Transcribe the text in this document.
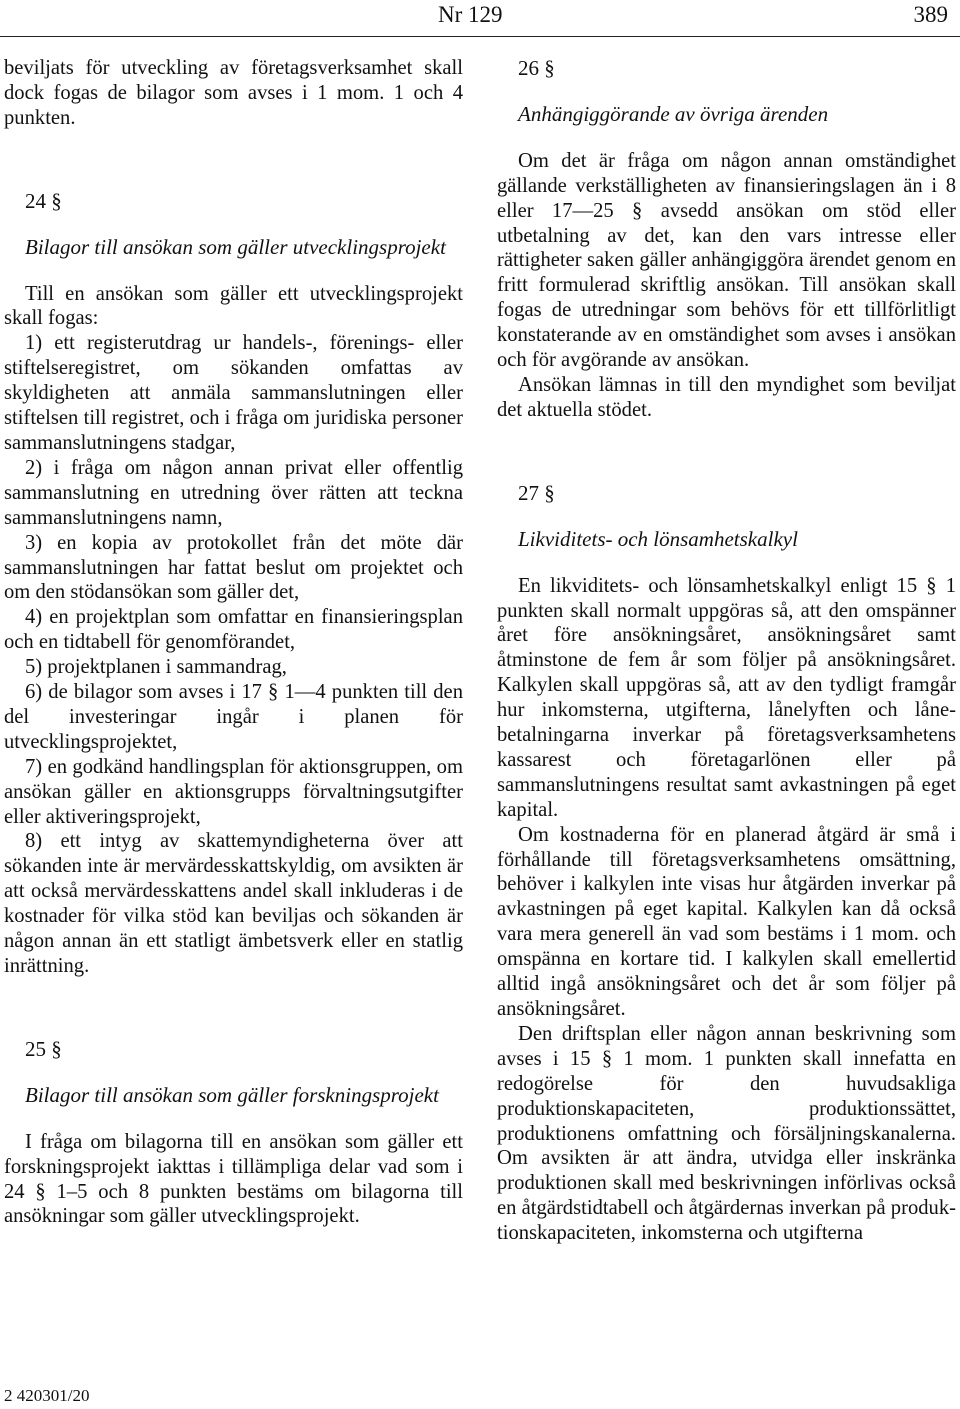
Nr 129	389

beviljats för utveckling av företagsverksamhet skall dock fogas de bilagor som avses i 1 mom. 1 och 4 punkten.

24 §

Bilagor till ansökan som gäller utvecklingsprojekt

Till en ansökan som gäller ett utvecklingsprojekt skall fogas:

1) ett registerutdrag ur handels-, förenings- eller stiftelseregistret, om sökanden omfattas av skyldigheten att anmäla sammanslutningen eller stiftelsen till registret, och i fråga om juridiska personer sammanslutningens stadgar,

2) i fråga om någon annan privat eller offentlig sammanslutning en utredning över rätten att teckna sammanslutningens namn,

3) en kopia av protokollet från det möte där sammanslutningen har fattat beslut om projektet och om den stödansökan som gäller det,

4) en projektplan som omfattar en finansieringsplan och en tidtabell för genomförandet,

5) projektplanen i sammandrag,

6) de bilagor som avses i 17 § 1—4 punkten till den del investeringar ingår i planen för utvecklingsprojektet,

7) en godkänd handlingsplan för aktionsgruppen, om ansökan gäller en aktionsgrupps förvaltningsutgifter eller aktiveringsprojekt,

8) ett intyg av skattemyndigheterna över att sökanden inte är mervärdesskattskyldig, om avsikten är att också mervärdesskattens andel skall inkluderas i de kostnader för vilka stöd kan beviljas och sökanden är någon annan än ett statligt ämbetsverk eller en statlig inrättning.

25 §

Bilagor till ansökan som gäller forskningsprojekt

I fråga om bilagorna till en ansökan som gäller ett forskningsprojekt iakttas i tillämpliga delar vad som i 24 § 1–5 och 8 punkten bestäms om bilagorna till ansökningar som gäller utvecklingsprojekt.

26 §

Anhängiggörande av övriga ärenden

Om det är fråga om någon annan omständighet gällande verkställigheten av finansieringslagen än i 8 eller 17—25 § avsedd ansökan om stöd eller utbetalning av det, kan den vars intresse eller rättigheter saken gäller anhängiggöra ärendet genom en fritt formulerad skriftlig ansökan. Till ansökan skall fogas de utredningar som behövs för ett tillförlitligt konstaterande av en omständighet som avses i ansökan och för avgörande av ansökan.

Ansökan lämnas in till den myndighet som beviljat det aktuella stödet.

27 §

Likviditets- och lönsamhetskalkyl

En likviditets- och lönsamhetskalkyl enligt 15 § 1 punkten skall normalt uppgöras så, att den omspänner året före ansökningsåret, ansökningsåret samt åtminstone de fem år som följer på ansökningsåret. Kalkylen skall uppgöras så, att av den tydligt framgår hur inkomsterna, utgifterna, lånelyften och lånebetalningarna inverkar på företagsverksamhetens kassarest och företagarlönen eller på sammanslutningens resultat samt avkastningen på eget kapital.

Om kostnaderna för en planerad åtgärd är små i förhållande till företagsverksamhetens omsättning, behöver i kalkylen inte visas hur åtgärden inverkar på avkastningen på eget kapital. Kalkylen kan då också vara mera generell än vad som bestäms i 1 mom. och omspänna en kortare tid. I kalkylen skall emellertid alltid ingå ansökningsåret och det år som följer på ansökningsåret.

Den driftsplan eller någon annan beskrivning som avses i 15 § 1 mom. 1 punkten skall innefatta en redogörelse för den huvudsakliga produktionskapaciteten, produktionssättet, produktionens omfattning och försäljningskanalerna. Om avsikten är att ändra, utvidga eller inskränka produktionen skall med beskrivningen införlivas också en åtgärdstidtabell och åtgärdernas inverkan på produktionskapaciteten, inkomsterna och utgifterna

2 420301/20
